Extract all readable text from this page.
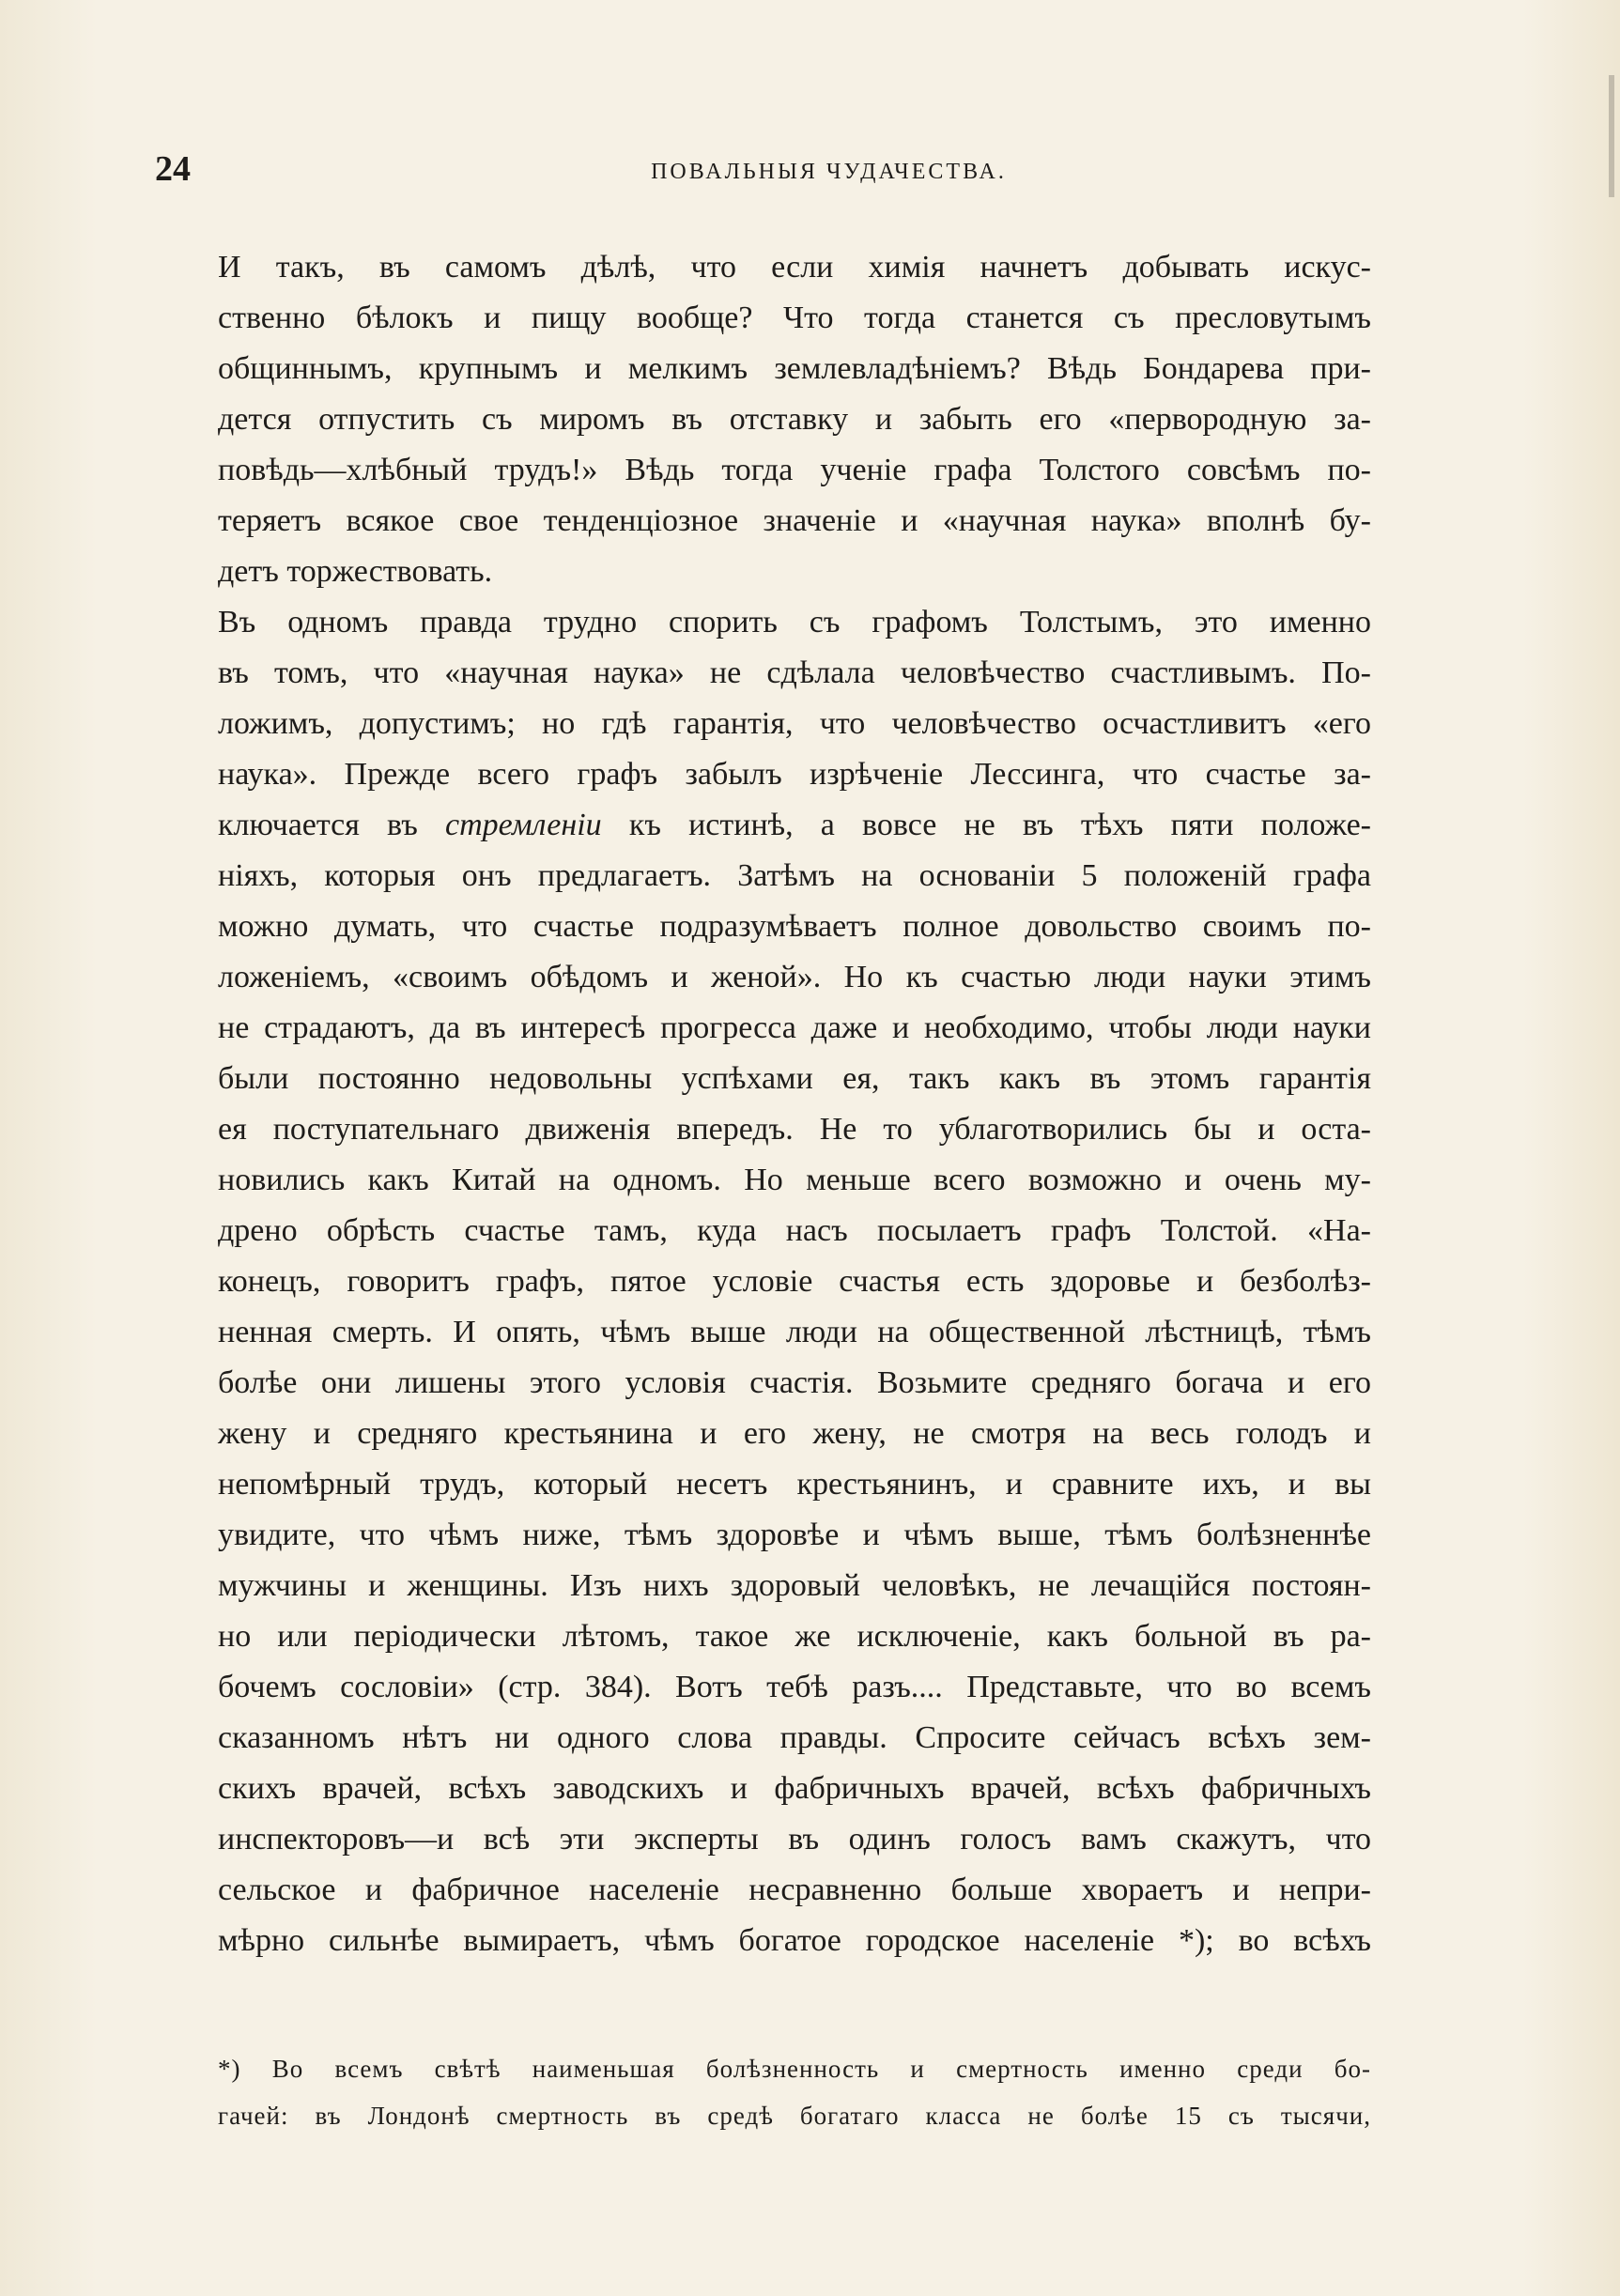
24	ПОВАЛЬНЫЯ ЧУДАЧЕСТВА.
И такъ, въ самомъ дѣлѣ, что если химія начнетъ добывать искус-
ственно бѣлокъ и пищу вообще? Что тогда станется съ пресловутымъ
общиннымъ, крупнымъ и мелкимъ землевладѣніемъ? Вѣдь Бондарева при-
дется отпустить съ миромъ въ отставку и забыть его «первородную за-
повѣдь—хлѣбный трудъ!» Вѣдь тогда ученіе графа Толстого совсѣмъ по-
теряетъ всякое свое тенденціозное значеніе и «научная наука» вполнѣ бу-
детъ торжествовать.
Въ одномъ правда трудно спорить съ графомъ Толстымъ, это именно
въ томъ, что «научная наука» не сдѣлала человѣчество счастливымъ. По-
ложимъ, допустимъ; но гдѣ гарантія, что человѣчество осчастливитъ «его
наука». Прежде всего графъ забылъ изрѣченіе Лессинга, что счастье за-
ключается въ стремленіи къ истинѣ, а вовсе не въ тѣхъ пяти положе-
ніяхъ, которыя онъ предлагаетъ. Затѣмъ на основаніи 5 положеній графа
можно думать, что счастье подразумѣваетъ полное довольство своимъ по-
ложеніемъ, «своимъ обѣдомъ и женой». Но къ счастью люди науки этимъ
не страдаютъ, да въ интересѣ прогресса даже и необходимо, чтобы люди науки
были постоянно недовольны успѣхами ея, такъ какъ въ этомъ гарантія
ея поступательнаго движенія впередъ. Не то ублаготворились бы и оста-
новились какъ Китай на одномъ. Но меньше всего возможно и очень му-
дрено обрѣсть счастье тамъ, куда насъ посылаетъ графъ Толстой. «На-
конецъ, говоритъ графъ, пятое условіе счастья есть здоровье и безболѣз-
ненная смерть. И опять, чѣмъ выше люди на общественной лѣстницѣ, тѣмъ
болѣе они лишены этого условія счастія. Возьмите средняго богача и его
жену и средняго крестьянина и его жену, не смотря на весь голодъ и
непомѣрный трудъ, который несетъ крестьянинъ, и сравните ихъ, и вы
увидите, что чѣмъ ниже, тѣмъ здоровѣе и чѣмъ выше, тѣмъ болѣзненнѣе
мужчины и женщины. Изъ нихъ здоровый человѣкъ, не лечащійся постоян-
но или періодически лѣтомъ, такое же исключеніе, какъ больной въ ра-
бочемъ сословіи» (стр. 384). Вотъ тебѣ разъ.... Представьте, что во всемъ
сказанномъ нѣтъ ни одного слова правды. Спросите сейчасъ всѣхъ зем-
скихъ врачей, всѣхъ заводскихъ и фабричныхъ врачей, всѣхъ фабричныхъ
инспекторовъ—и всѣ эти эксперты въ одинъ голосъ вамъ скажутъ, что
сельское и фабричное населеніе несравненно больше хвораетъ и непри-
мѣрно сильнѣе вымираетъ, чѣмъ богатое городское населеніе *); во всѣхъ
*) Во всемъ свѣтѣ наименьшая болѣзненность и смертность именно среди бо-
гачей: въ Лондонѣ смертность въ средѣ богатаго класса не болѣе 15 съ тысячи,
